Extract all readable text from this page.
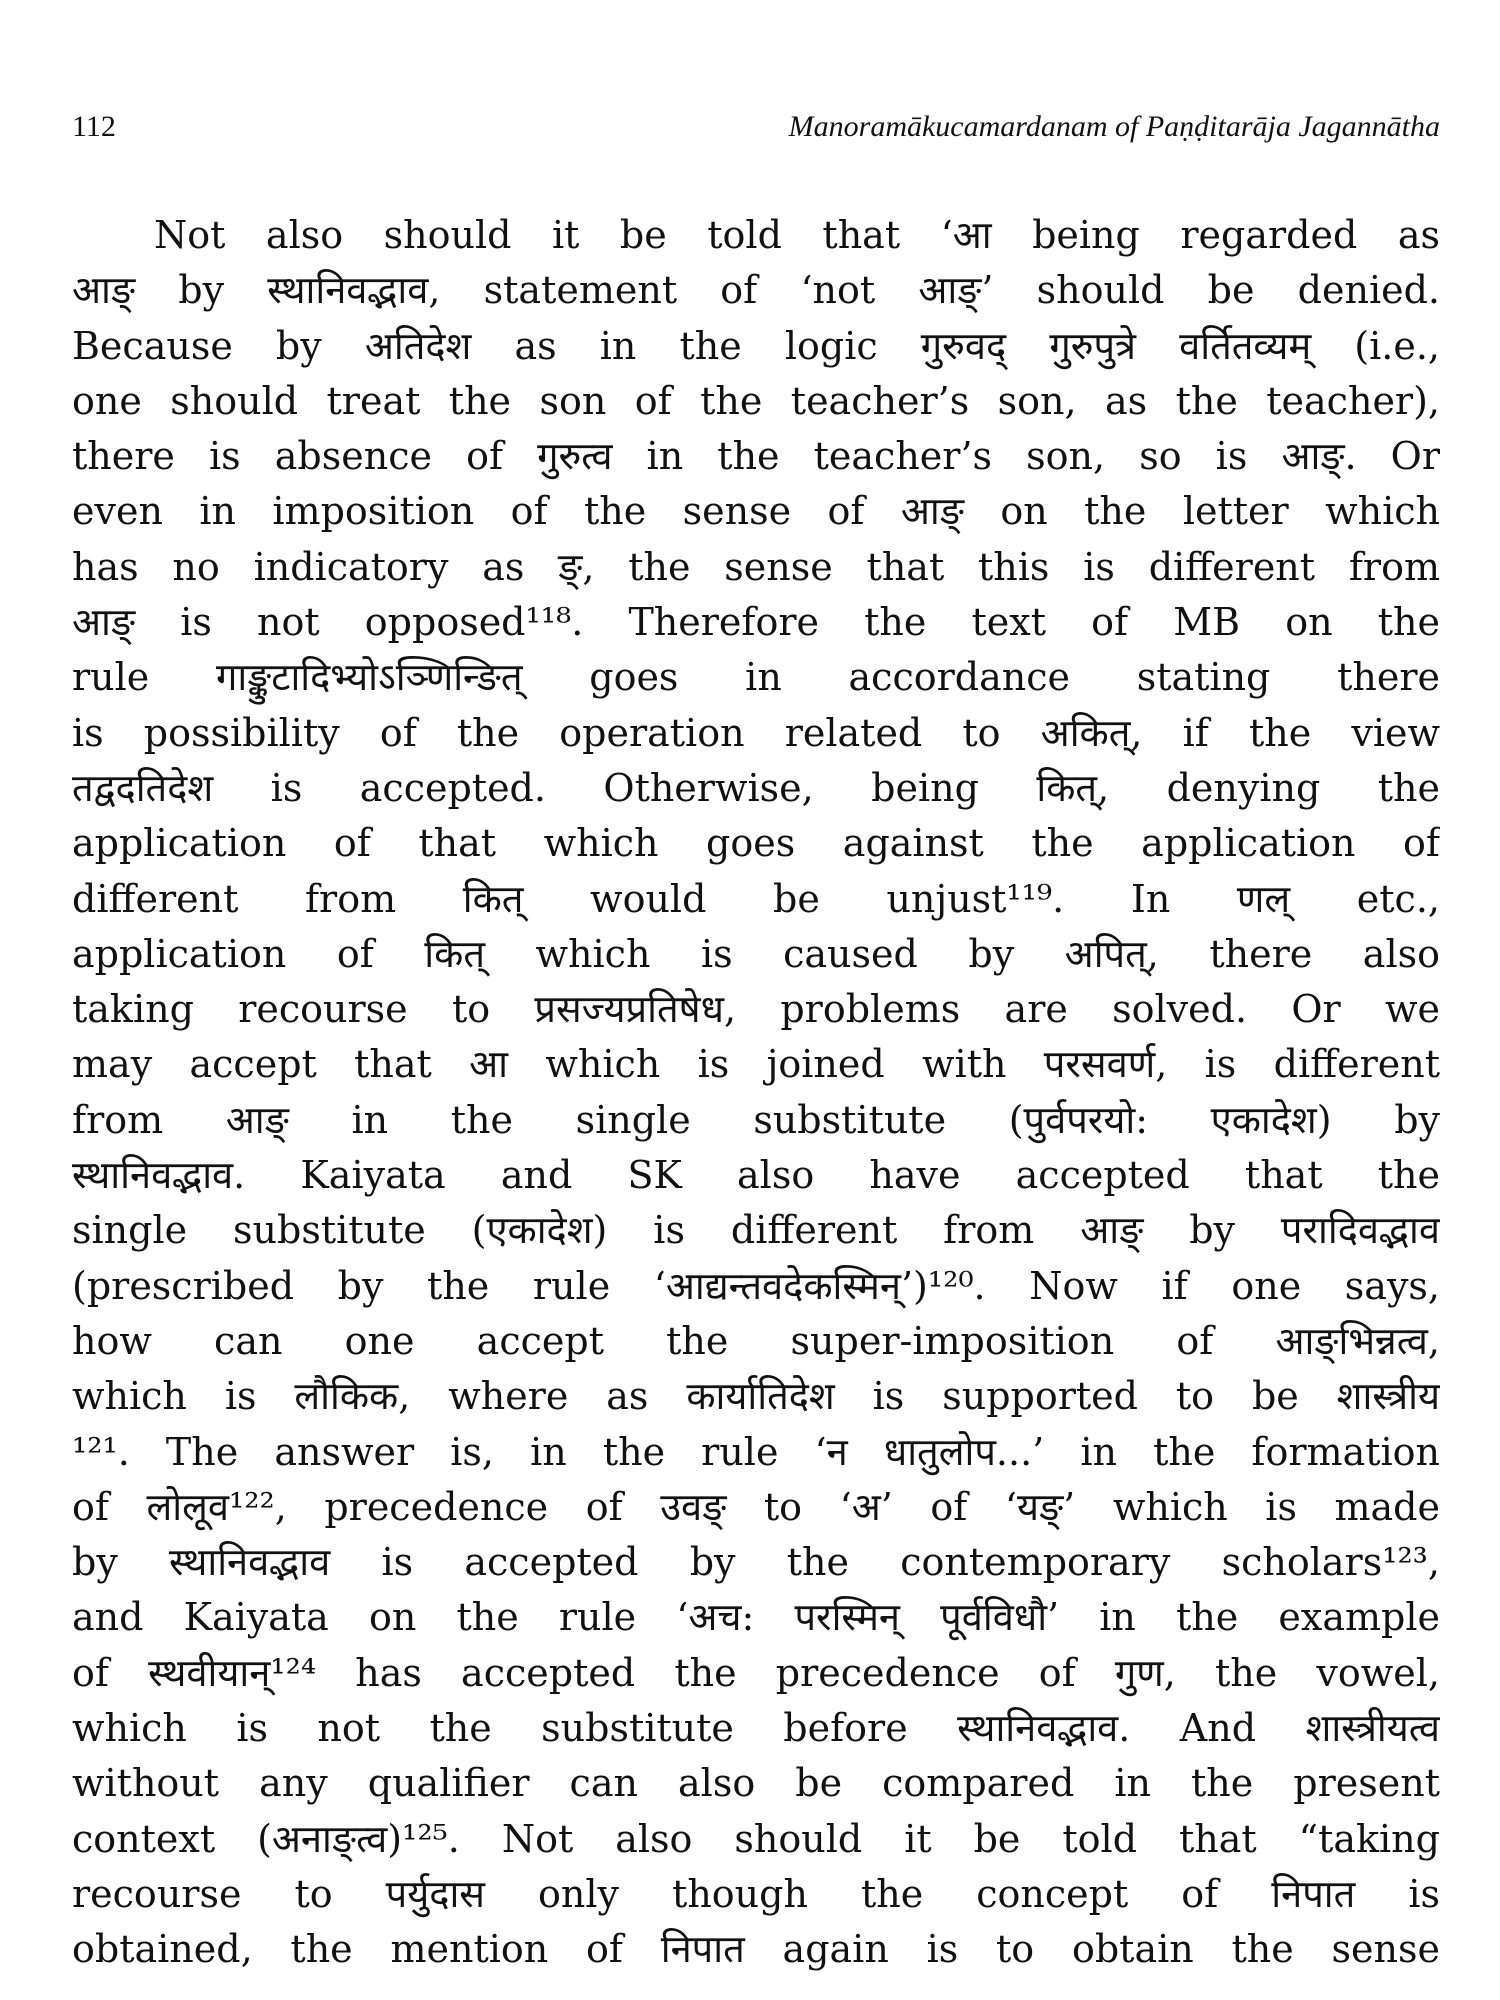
112	Manoramākucamardanam of Paṇḍitarāja Jagannātha
Not also should it be told that ‘आ being regarded as
आङ् by स्थानिवद्भाव, statement of ‘not आङ्’ should be denied.
Because by अतिदेश as in the logic गुरुवद् गुरुपुत्रे वर्तितव्यम् (i.e.,
one should treat the son of the teacher’s son, as the teacher),
there is absence of गुरुत्व in the teacher’s son, so is आङ्. Or
even in imposition of the sense of आङ् on the letter which
has no indicatory as ङ्, the sense that this is different from
आङ् is not opposed¹¹⁸. Therefore the text of MB on the
rule गाङ्कुटादिभ्योऽञ्णिन्ङित् goes in accordance stating there
is possibility of the operation related to अकित्, if the view
तद्वदतिदेश is accepted. Otherwise, being कित्, denying the
application of that which goes against the application of
different from कित् would be unjust¹¹⁹. In णल् etc.,
application of कित् which is caused by अपित्, there also
taking recourse to प्रसज्यप्रतिषेध, problems are solved. Or we
may accept that आ which is joined with परसवर्ण, is different
from आङ् in the single substitute (पुर्वपरयो: एकादेश) by
स्थानिवद्भाव. Kaiyata and SK also have accepted that the
single substitute (एकादेश) is different from आङ् by परादिवद्भाव
(prescribed by the rule ‘आद्यन्तवदेकस्मिन्’)¹²⁰. Now if one says,
how can one accept the super-imposition of आङ्भिन्नत्व,
which is लौकिक, where as कार्यातिदेश is supported to be शास्त्रीय
¹²¹. The answer is, in the rule ‘न धातुलोप...’ in the formation
of लोलूव¹²², precedence of उवङ् to ‘अ’ of ‘यङ्’ which is made
by स्थानिवद्भाव is accepted by the contemporary scholars¹²³,
and Kaiyata on the rule ‘अच: परस्मिन् पूर्वविधौ’ in the example
of स्थवीयान्¹²⁴ has accepted the precedence of गुण, the vowel,
which is not the substitute before स्थानिवद्भाव. And शास्त्रीयत्व
without any qualifier can also be compared in the present
context (अनाङ्त्व)¹²⁵. Not also should it be told that “taking
recourse to पर्युदास only though the concept of निपात is
obtained, the mention of निपात again is to obtain the sense
